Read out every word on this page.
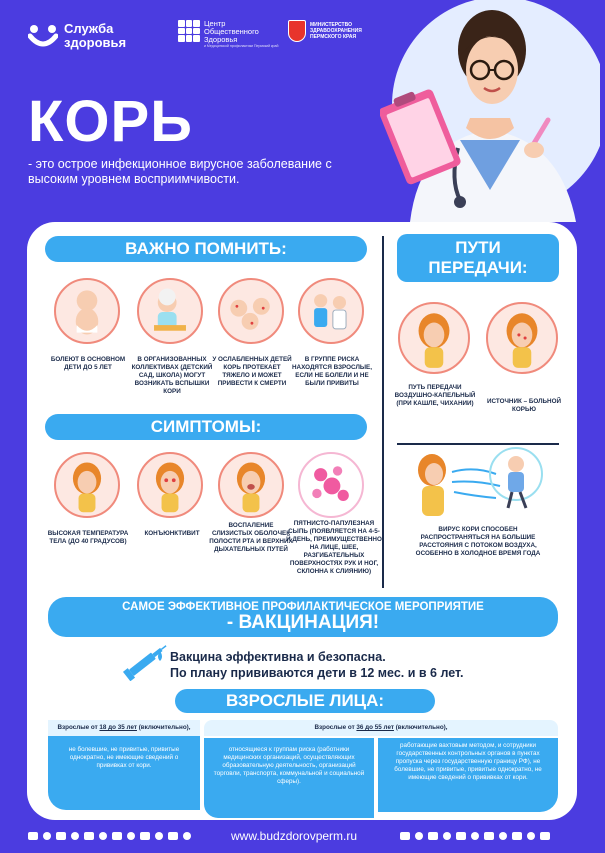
Служба
здоровья
Центр
Общественного
Здоровья
и Медицинской профилактики Пермский край
МИНИСТЕРСТВО
ЗДРАВООХРАНЕНИЯ
ПЕРМСКОГО КРАЯ
КОРЬ
- это острое инфекционное вирусное заболевание с высоким уровнем восприимчивости.
ВАЖНО ПОМНИТЬ:
БОЛЕЮТ В ОСНОВНОМ ДЕТИ ДО 5 ЛЕТ
В ОРГАНИЗОВАННЫХ КОЛЛЕКТИВАХ (ДЕТСКИЙ САД, ШКОЛА) МОГУТ ВОЗНИКАТЬ ВСПЫШКИ КОРИ
У ОСЛАБЛЕННЫХ ДЕТЕЙ КОРЬ ПРОТЕКАЕТ ТЯЖЕЛО И МОЖЕТ ПРИВЕСТИ К СМЕРТИ
В ГРУППЕ РИСКА НАХОДЯТСЯ ВЗРОСЛЫЕ, ЕСЛИ НЕ БОЛЕЛИ И НЕ БЫЛИ ПРИВИТЫ
СИМПТОМЫ:
ВЫСОКАЯ ТЕМПЕРАТУРА ТЕЛА (ДО 40 ГРАДУСОВ)
КОНЪЮНКТИВИТ
ВОСПАЛЕНИЕ СЛИЗИСТЫХ ОБОЛОЧЕК ПОЛОСТИ РТА И ВЕРХНИХ ДЫХАТЕЛЬНЫХ ПУТЕЙ
ПЯТНИСТО-ПАПУЛЕЗНАЯ СЫПЬ (ПОЯВЛЯЕТСЯ НА 4-5-Й ДЕНЬ, ПРЕИМУЩЕСТВЕННО НА ЛИЦЕ, ШЕЕ, РАЗГИБАТЕЛЬНЫХ ПОВЕРХНОСТЯХ РУК И НОГ, СКЛОННА К СЛИЯНИЮ)
ПУТИ
ПЕРЕДАЧИ:
ПУТЬ ПЕРЕДАЧИ ВОЗДУШНО-КАПЕЛЬНЫЙ (ПРИ КАШЛЕ, ЧИХАНИИ)	ИСТОЧНИК – БОЛЬНОЙ КОРЬЮ
ВИРУС КОРИ СПОСОБЕН РАСПРОСТРАНЯТЬСЯ НА БОЛЬШИЕ РАССТОЯНИЯ С ПОТОКОМ ВОЗДУХА, ОСОБЕННО В ХОЛОДНОЕ ВРЕМЯ ГОДА
САМОЕ ЭФФЕКТИВНОЕ ПРОФИЛАКТИЧЕСКОЕ МЕРОПРИЯТИЕ
- ВАКЦИНАЦИЯ!
Вакцина эффективна и безопасна.
По плану прививаются дети в 12 мес. и в 6 лет.
ВЗРОСЛЫЕ ЛИЦА:
Взрослые от 18 до 35 лет (включительно),
не болевшие, не привитые, привитые однократно, не имеющие сведений о прививках от кори.
Взрослые от 36 до 55 лет (включительно),
относящиеся к группам риска (работники медицинских организаций, осуществляющих образовательную деятельность, организаций торговли, транспорта, коммунальной и социальной сферы).
работающие вахтовым методом, и сотрудники государственных контрольных органов в пунктах пропуска через государственную границу РФ), не болевшие, не привитые, привитые однократно, не имеющие сведений о прививках от кори.
www.budzdorovperm.ru
